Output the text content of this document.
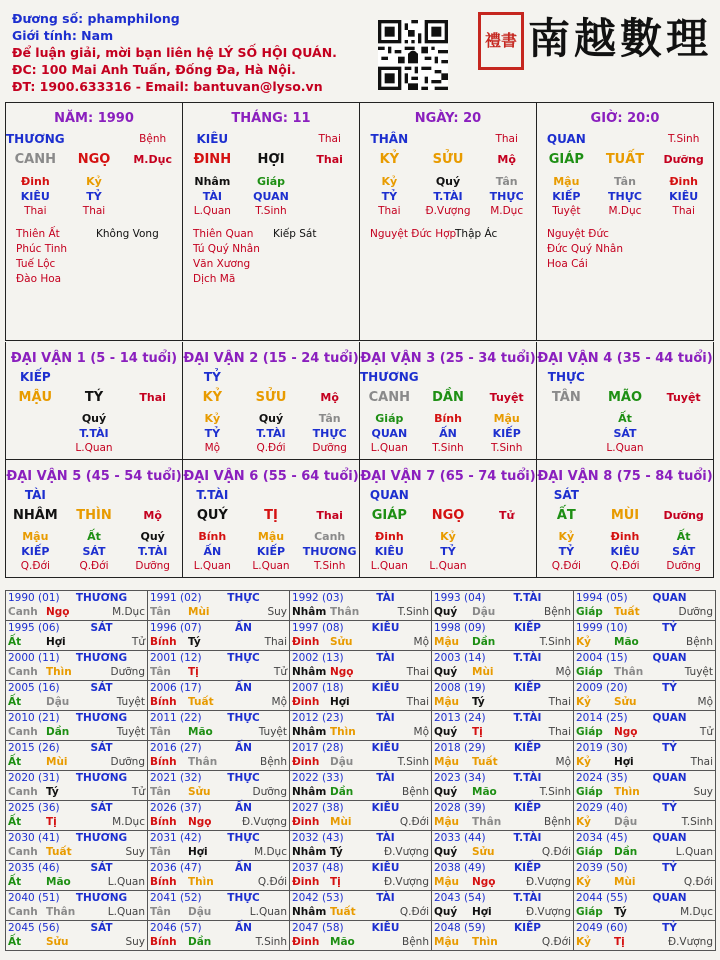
Đương số: phamphilong
Giới tính: Nam
Để luận giải, mời bạn liên hệ LÝ SỐ HỘI QUÁN.
ĐC: 100 Mai Anh Tuấn, Đống Đa, Hà Nội.
ĐT: 1900.633316 - Email: bantuvan@lyso.vn
禮書 南越數理
NĂM: 1990
THƯƠNG	Bệnh
CANH	NGỌ	M.Dục
Đinh	Kỷ
KIÊU	TỶ
Thai	Thai
Thiên Ất
Phúc Tinh
Tuế Lộc
Đào Hoa
Không Vong
THÁNG: 11
KIÊU	Thai
ĐINH	HỢI	Thai
Nhâm	Giáp
TÀI	QUAN
L.Quan	T.Sinh
Thiên Quan
Tú Quý Nhân
Văn Xương
Dịch Mã
Kiếp Sát
NGÀY: 20
THÂN	Thai
KỶ	SỬU	Mộ
Kỷ	Quý	Tân
TỶ	T.TÀI	THỰC
Thai	Đ.Vượng	M.Dục
Nguyệt Đức Hợp
Thập Ác
GIỜ: 20:0
QUAN	T.Sinh
GIÁP	TUẤT	Dưỡng
Mậu	Tân	Đinh
KIẾP	THỰC	KIÊU
Tuyệt	M.Dục	Thai
Nguyệt Đức
Đức Quý Nhân
Hoa Cái
ĐẠI VẬN 1 (5 - 14 tuổi)
KIẾP
MẬU	TÝ	Thai
Quý
T.TÀI
L.Quan
ĐẠI VẬN 2 (15 - 24 tuổi)
TỶ
KỶ	SỬU	Mộ
Kỷ	Quý	Tân
TỶ	T.TÀI	THỰC
Mộ	Q.Đới	Dưỡng
ĐẠI VẬN 3 (25 - 34 tuổi)
THƯƠNG
CANH	DẦN	Tuyệt
Giáp	Bính	Mậu
QUAN	ẤN	KIẾP
L.Quan	T.Sinh	T.Sinh
ĐẠI VẬN 4 (35 - 44 tuổi)
THỰC
TÂN	MÃO	Tuyệt
Ất
SÁT
L.Quan
ĐẠI VẬN 5 (45 - 54 tuổi)
TÀI
NHÂM	THÌN	Mộ
Mậu	Ất	Quý
KIẾP	SÁT	T.TÀI
Q.Đới	Q.Đới	Dưỡng
ĐẠI VẬN 6 (55 - 64 tuổi)
T.TÀI
QUÝ	TỊ	Thai
Bính	Mậu	Canh
ẤN	KIẾP	THƯƠNG
L.Quan	L.Quan	T.Sinh
ĐẠI VẬN 7 (65 - 74 tuổi)
QUAN
GIÁP	NGỌ	Tử
Đinh	Kỷ
KIÊU	TỶ
L.Quan	L.Quan
ĐẠI VẬN 8 (75 - 84 tuổi)
SÁT
ẤT	MÙI	Dưỡng
Kỷ	Đinh	Ất
TỶ	KIÊU	SÁT
Q.Đới	Q.Đới	Dưỡng
1990 (01)	THƯƠNG
Canh Ngọ	M.Dục
1991 (02)	THỰC
Tân	Mùi	Suy
1992 (03)	TÀI
Nhâm Thân	T.Sinh
1993 (04)	T.TÀI
Quý	Dậu	Bệnh
1994 (05)	QUAN
Giáp	Tuất	Dưỡng
1995 (06)	SÁT
Ất	Hợi	Tử
1996 (07)	ẤN
Bính	Tý	Thai
1997 (08)	KIÊU
Đinh	Sửu	Mộ
1998 (09)	KIẾP
Mậu	Dần	T.Sinh
1999 (10)	TỶ
Kỷ	Mão	Bệnh
2000 (11)	THƯƠNG
Canh Thìn	Dưỡng
2001 (12)	THỰC
Tân	Tị	Tử
2002 (13)	TÀI
Nhâm Ngọ	Thai
2003 (14)	T.TÀI
Quý	Mùi	Mộ
2004 (15)	QUAN
Giáp	Thân	Tuyệt
2005 (16)	SÁT
Ất	Dậu	Tuyệt
2006 (17)	ẤN
Bính	Tuất	Mộ
2007 (18)	KIÊU
Đinh	Hợi	Thai
2008 (19)	KIẾP
Mậu	Tý	Thai
2009 (20)	TỶ
Kỷ	Sửu	Mộ
2010 (21)	THƯƠNG
Canh Dần	Tuyệt
2011 (22)	THỰC
Tân	Mão	Tuyệt
2012 (23)	TÀI
Nhâm Thìn	Mộ
2013 (24)	T.TÀI
Quý	Tị	Thai
2014 (25)	QUAN
Giáp	Ngọ	Tử
2015 (26)	SÁT
Ất	Mùi	Dưỡng
2016 (27)	ẤN
Bính	Thân	Bệnh
2017 (28)	KIÊU
Đinh	Dậu	T.Sinh
2018 (29)	KIẾP
Mậu	Tuất	Mộ
2019 (30)	TỶ
Kỷ	Hợi	Thai
2020 (31)	THƯƠNG
Canh Tý	Tử
2021 (32)	THỰC
Tân	Sửu	Dưỡng
2022 (33)	TÀI
Nhâm Dần	Bệnh
2023 (34)	T.TÀI
Quý	Mão	T.Sinh
2024 (35)	QUAN
Giáp	Thìn	Suy
2025 (36)	SÁT
Ất	Tị	M.Dục
2026 (37)	ẤN
Bính	Ngọ	Đ.Vượng
2027 (38)	KIÊU
Đinh	Mùi	Q.Đới
2028 (39)	KIẾP
Mậu	Thân	Bệnh
2029 (40)	TỶ
Kỷ	Dậu	T.Sinh
2030 (41)	THƯƠNG
Canh Tuất	Suy
2031 (42)	THỰC
Tân	Hợi	M.Dục
2032 (43)	TÀI
Nhâm Tý	Đ.Vượng
2033 (44)	T.TÀI
Quý	Sửu	Q.Đới
2034 (45)	QUAN
Giáp	Dần	L.Quan
2035 (46)	SÁT
Ất	Mão	L.Quan
2036 (47)	ẤN
Bính	Thìn	Q.Đới
2037 (48)	KIÊU
Đinh	Tị	Đ.Vượng
2038 (49)	KIẾP
Mậu	Ngọ	Đ.Vượng
2039 (50)	TỶ
Kỷ	Mùi	Q.Đới
2040 (51)	THƯƠNG
Canh Thân	L.Quan
2041 (52)	THỰC
Tân	Dậu	L.Quan
2042 (53)	TÀI
Nhâm Tuất	Q.Đới
2043 (54)	T.TÀI
Quý	Hợi	Đ.Vượng
2044 (55)	QUAN
Giáp	Tý	M.Dục
2045 (56)	SÁT
Ất	Sửu	Suy
2046 (57)	ẤN
Bính	Dần	T.Sinh
2047 (58)	KIÊU
Đinh	Mão	Bệnh
2048 (59)	KIẾP
Mậu	Thìn	Q.Đới
2049 (60)	TỶ
Kỷ	Tị	Đ.Vượng
